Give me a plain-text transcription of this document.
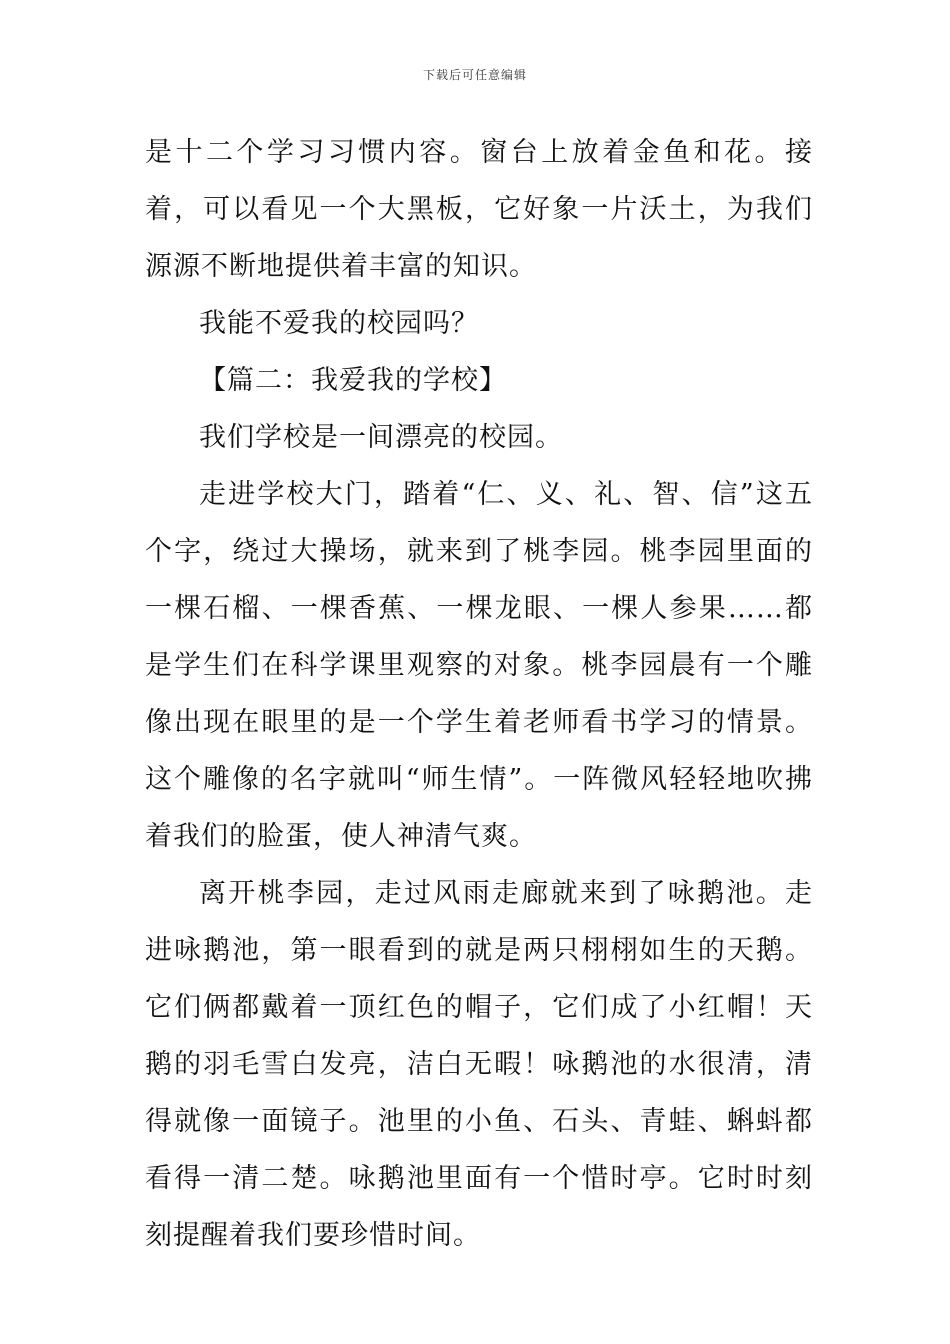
下载后可任意编辑

是十二个学习习惯内容。窗台上放着金鱼和花。接着，可以看见一个大黑板，它好象一片沃土，为我们源源不断地提供着丰富的知识。

我能不爱我的校园吗？

【篇二：我爱我的学校】

我们学校是一间漂亮的校园。

走进学校大门，踏着“仁、义、礼、智、信”这五个字，绕过大操场，就来到了桃李园。桃李园里面的一棵石榴、一棵香蕉、一棵龙眼、一棵人参果……都是学生们在科学课里观察的对象。桃李园晨有一个雕像出现在眼里的是一个学生着老师看书学习的情景。这个雕像的名字就叫“师生情”。一阵微风轻轻地吹拂着我们的脸蛋，使人神清气爽。

离开桃李园，走过风雨走廊就来到了咏鹅池。走进咏鹅池，第一眼看到的就是两只栩栩如生的天鹅。它们俩都戴着一顶红色的帽子，它们成了小红帽！天鹅的羽毛雪白发亮，洁白无暇！咏鹅池的水很清，清得就像一面镜子。池里的小鱼、石头、青蛙、蝌蚪都看得一清二楚。咏鹅池里面有一个惜时亭。它时时刻刻提醒着我们要珍惜时间。
